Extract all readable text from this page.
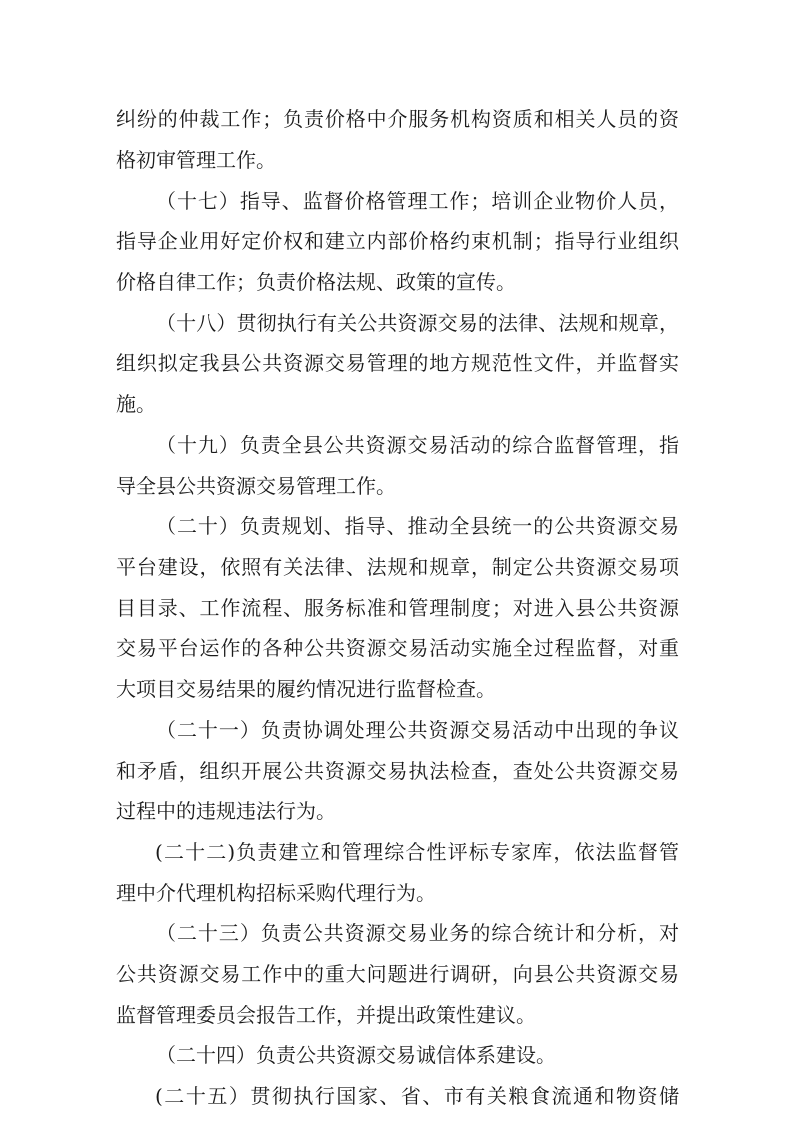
纠纷的仲裁工作；负责价格中介服务机构资质和相关人员的资
格初审管理工作。
（十七）指导、监督价格管理工作；培训企业物价人员，
指导企业用好定价权和建立内部价格约束机制；指导行业组织
价格自律工作；负责价格法规、政策的宣传。
（十八）贯彻执行有关公共资源交易的法律、法规和规章，
组织拟定我县公共资源交易管理的地方规范性文件，并监督实
施。
（十九）负责全县公共资源交易活动的综合监督管理，指
导全县公共资源交易管理工作。
（二十）负责规划、指导、推动全县统一的公共资源交易
平台建设，依照有关法律、法规和规章，制定公共资源交易项
目目录、工作流程、服务标准和管理制度；对进入县公共资源
交易平台运作的各种公共资源交易活动实施全过程监督，对重
大项目交易结果的履约情况进行监督检查。
（二十一）负责协调处理公共资源交易活动中出现的争议
和矛盾，组织开展公共资源交易执法检查，查处公共资源交易
过程中的违规违法行为。
(二十二)负责建立和管理综合性评标专家库，依法监督管
理中介代理机构招标采购代理行为。
（二十三）负责公共资源交易业务的综合统计和分析，对
公共资源交易工作中的重大问题进行调研，向县公共资源交易
监督管理委员会报告工作，并提出政策性建议。
（二十四）负责公共资源交易诚信体系建设。
(二十五）贯彻执行国家、省、市有关粮食流通和物资储
